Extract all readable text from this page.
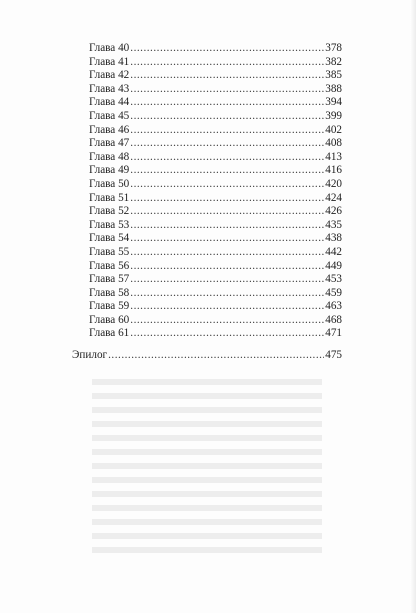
Глава 40 .....	378
Глава 41 .....	382
Глава 42 .....	385
Глава 43 .....	388
Глава 44 .....	394
Глава 45 .....	399
Глава 46 .....	402
Глава 47 .....	408
Глава 48 .....	413
Глава 49 .....	416
Глава 50 .....	420
Глава 51 .....	424
Глава 52 .....	426
Глава 53 .....	435
Глава 54 .....	438
Глава 55 .....	442
Глава 56 .....	449
Глава 57 .....	453
Глава 58 .....	459
Глава 59 .....	463
Глава 60 .....	468
Глава 61 .....	471
Эпилог .....	475
